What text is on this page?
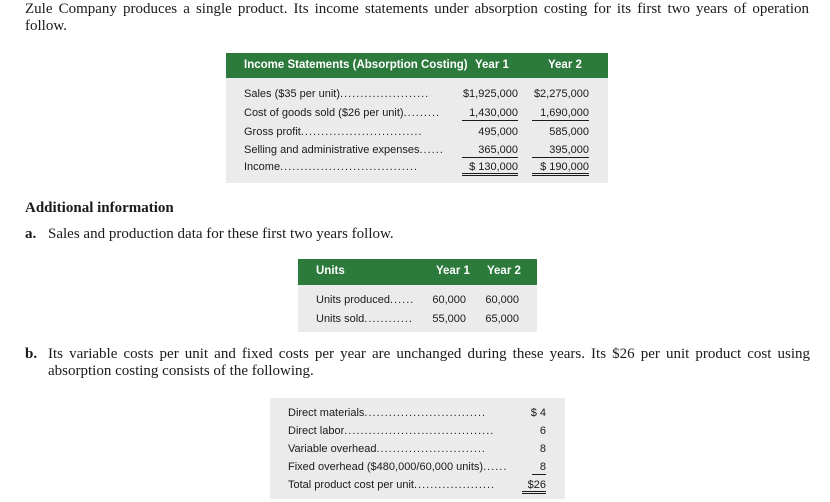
Zule Company produces a single product. Its income statements under absorption costing for its first two years of operation follow.
Income Statements (Absorption Costing) Year 1	Year 2
Sales ($35 per unit)......................	$1,925,000 $2,275,000
Cost of goods sold ($26 per unit).........	1,430,000	1,690,000
Gross profit..............................	495,000	585,000
Selling and administrative expenses......	365,000	395,000
Income..................................	$ 130,000	$ 190,000
Additional information
a. Sales and production data for these first two years follow.
Units	Year 1 Year 2
Units produced......	60,000	60,000
Units sold............	55,000	65,000
b. Its variable costs per unit and fixed costs per year are unchanged during these years. Its $26 per unit product cost using absorption costing consists of the following.
Direct materials..............................	$ 4
Direct labor.....................................	6
Variable overhead...........................	8
Fixed overhead ($480,000/60,000 units)......	8
Total product cost per unit....................	$26
